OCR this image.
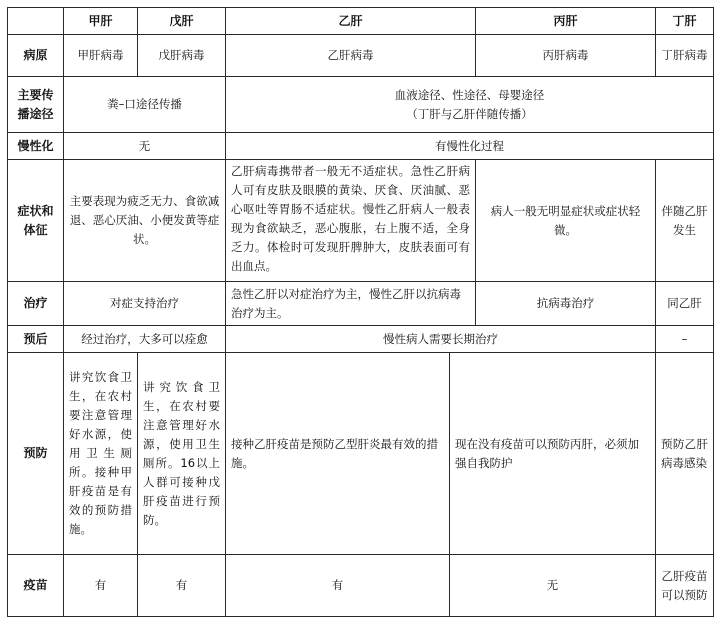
	甲肝	戊肝	乙肝		丙肝	丁肝
病原	甲肝病毒	戊肝病毒	乙肝病毒		丙肝病毒	丁肝病毒
主要传播途径	粪–口途径传播		血液途径、性途径、母婴途径
（丁肝与乙肝伴随传播）			
慢性化	无		有慢性化过程			
症状和体征	主要表现为疲乏无力、食欲减退、恶心厌油、小便发黄等症状。		乙肝病毒携带者一般无不适症状。急性乙肝病人可有皮肤及眼膜的黄染、厌食、厌油腻、恶心呕吐等胃肠不适症状。慢性乙肝病人一般表现为食欲缺乏，恶心腹胀，右上腹不适，全身乏力。体检时可发现肝脾肿大，皮肤表面可有出血点。		病人一般无明显症状或症状轻微。	伴随乙肝发生
治疗	对症支持治疗		急性乙肝以对症治疗为主，慢性乙肝以抗病毒治疗为主。		抗病毒治疗	同乙肝
预后	经过治疗，大多可以痊愈		慢性病人需要长期治疗			–
预防	讲究饮食卫生，在农村要注意管理好水源，使用卫生厕所。接种甲肝疫苗是有效的预防措施。	讲究饮食卫生，在农村要注意管理好水源，使用卫生厕所。16以上人群可接种戊肝疫苗进行预防。	接种乙肝疫苗是预防乙型肝炎最有效的措施。	现在没有疫苗可以预防丙肝，必须加强自我防护		预防乙肝病毒感染
疫苗	有	有	有	无		乙肝疫苗可以预防
